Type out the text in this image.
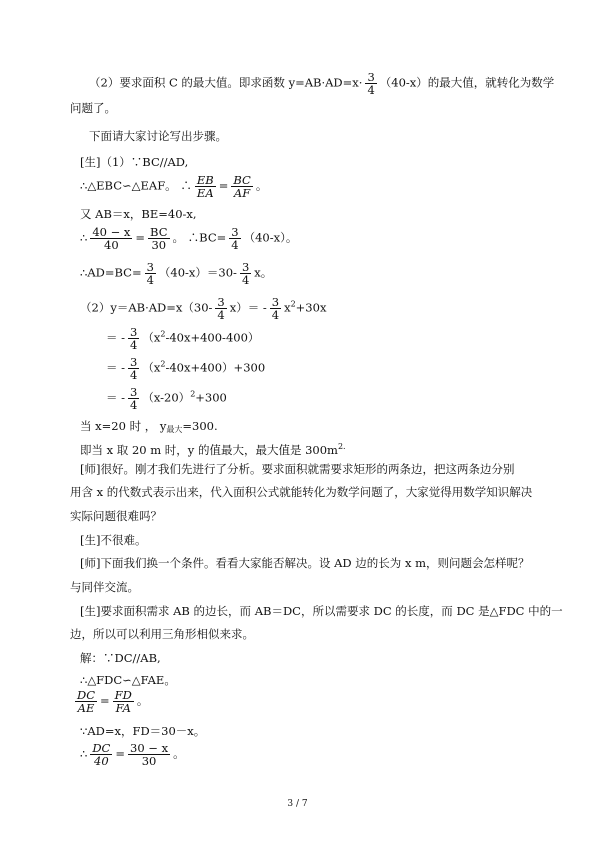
（2）要求面积 C 的最大值。即求函数 $y=AB\cdot AD=x\cdot \frac{3}{4} (40-x)$的最大值，就转化为数学
问题了。
下面请大家讨论写出步骤。
[生]（1）∵BC//AD,
∴△EBC∽△EAF。 ∴ $\frac{EB}{EA} = \frac{BC}{AF}$ 。
又 AB＝x，BE=40-x,
∴ $\frac{40 - x}{40} = \frac{BC}{30}$ 。 ∴BC= $\frac{3}{4} (40-x)$。
∴AD=BC= $\frac{3}{4} (40-x)=30- \frac{3}{4}$ x。
$(2)y=AB\cdot AD=x(30- \frac{3}{4} x)= - \frac{3}{4} x^2+30x$
＝ - $\frac{3}{4} (x^2-40x+400-400)$
＝ - $\frac{3}{4} (x^2-40x+400)+300$
＝ - $\frac{3}{4} (x-20)^2+300$
当 x=20 时 ， $y_{最大}=300$.
即当 x 取 20 m 时，y 的值最大，最大值是 $300m^{2.}$
[师]很好。刚才我们先进行了分析。要求面积就需要求矩形的两条边，把这两条边分别
用含 x 的代数式表示出来，代入面积公式就能转化为数学问题了，大家觉得用数学知识解决
实际问题很难吗？
[生]不很难。
[师]下面我们换一个条件。看看大家能否解决。设 AD 边的长为 x m，则问题会怎样呢？
与同伴交流。
[生]要求面积需求 AB 的边长，而 AB＝DC，所以需要求 DC 的长度，而 DC 是△FDC 中的一
边，所以可以利用三角形相似来求。
解：∵DC//AB,
∴△FDC∽△FAE。
$\frac{DC}{AE} = \frac{FD}{FA}$ 。
∵AD=x，FD＝30－x。
∴ $\frac{DC}{40} = \frac{30 - x}{30}$ 。
3 / 7
